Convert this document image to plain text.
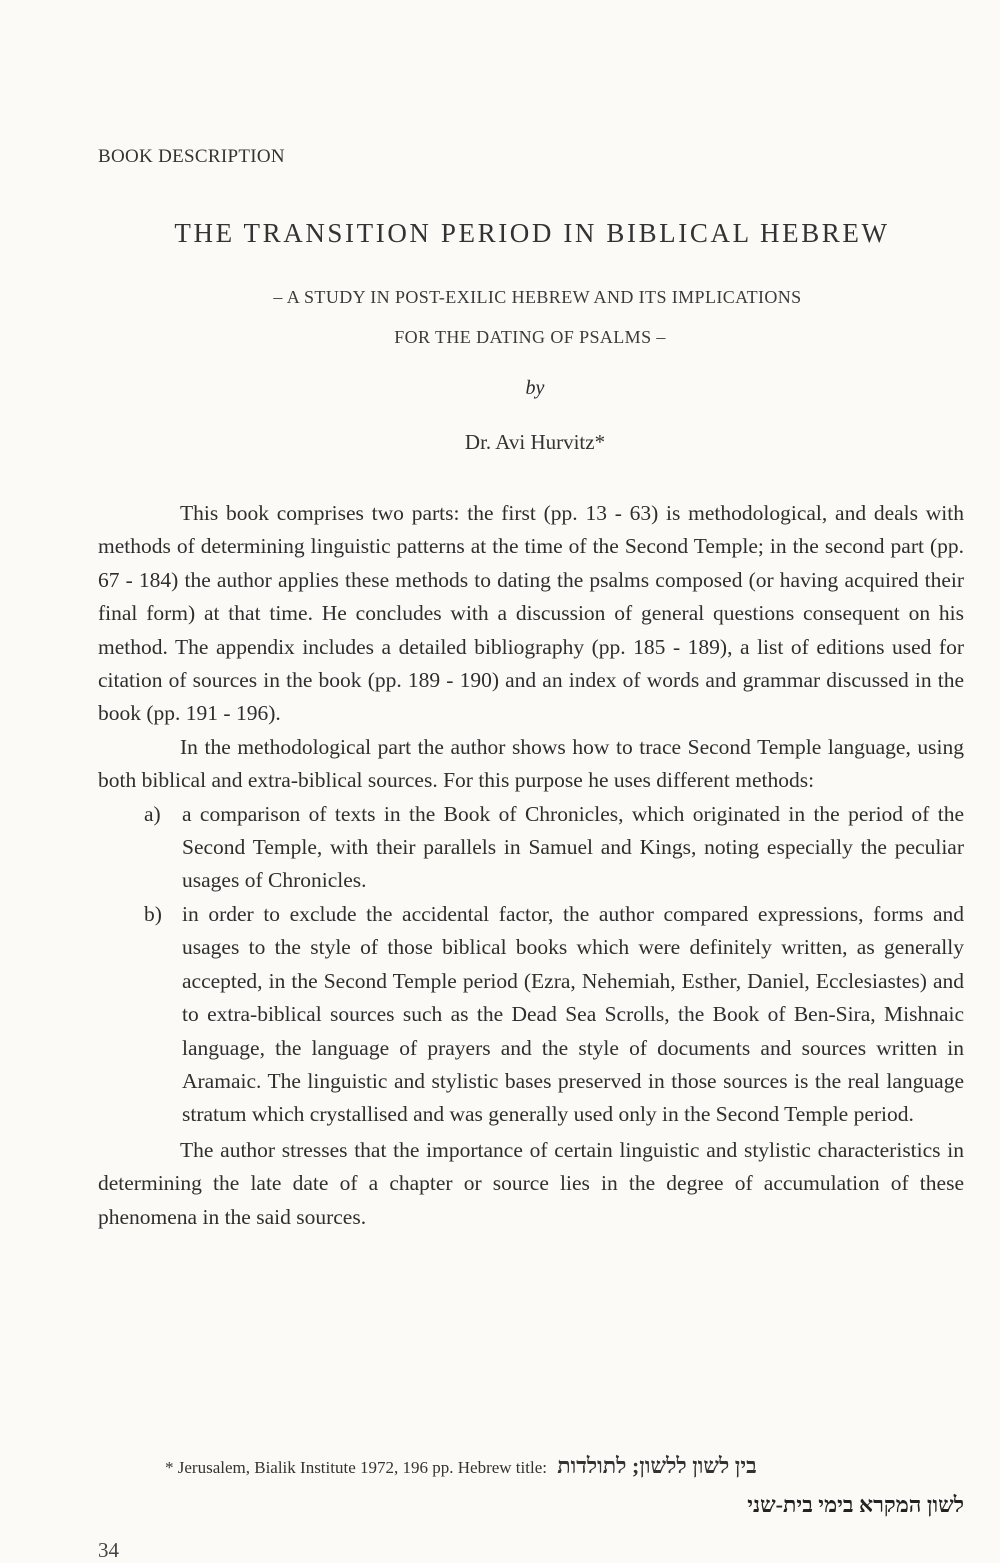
BOOK DESCRIPTION
THE TRANSITION PERIOD IN BIBLICAL HEBREW
– A STUDY IN POST-EXILIC HEBREW AND ITS IMPLICATIONS
FOR THE DATING OF PSALMS –
by
Dr. Avi Hurvitz*

This book comprises two parts: the first (pp. 13 - 63) is methodological, and deals with methods of determining linguistic patterns at the time of the Second Temple; in the second part (pp. 67 - 184) the author applies these methods to dating the psalms composed (or having acquired their final form) at that time. He concludes with a discussion of general questions consequent on his method. The appendix includes a detailed bibliography (pp. 185 - 189), a list of editions used for citation of sources in the book (pp. 189 - 190) and an index of words and grammar discussed in the book (pp. 191 - 196).

In the methodological part the author shows how to trace Second Temple language, using both biblical and extra-biblical sources. For this purpose he uses different methods:

a) a comparison of texts in the Book of Chronicles, which originated in the period of the Second Temple, with their parallels in Samuel and Kings, noting especially the peculiar usages of Chronicles.
b) in order to exclude the accidental factor, the author compared expressions, forms and usages to the style of those biblical books which were definitely written, as generally accepted, in the Second Temple period (Ezra, Nehemiah, Esther, Daniel, Ecclesiastes) and to extra-biblical sources such as the Dead Sea Scrolls, the Book of Ben-Sira, Mishnaic language, the language of prayers and the style of documents and sources written in Aramaic. The linguistic and stylistic bases preserved in those sources is the real language stratum which crystallised and was generally used only in the Second Temple period.

The author stresses that the importance of certain linguistic and stylistic characteristics in determining the late date of a chapter or source lies in the degree of accumulation of these phenomena in the said sources.

* Jerusalem, Bialik Institute 1972, 196 pp. Hebrew title: בין לשון ללשון; לתולדות
לשון המקרא בימי בית-שני
34
